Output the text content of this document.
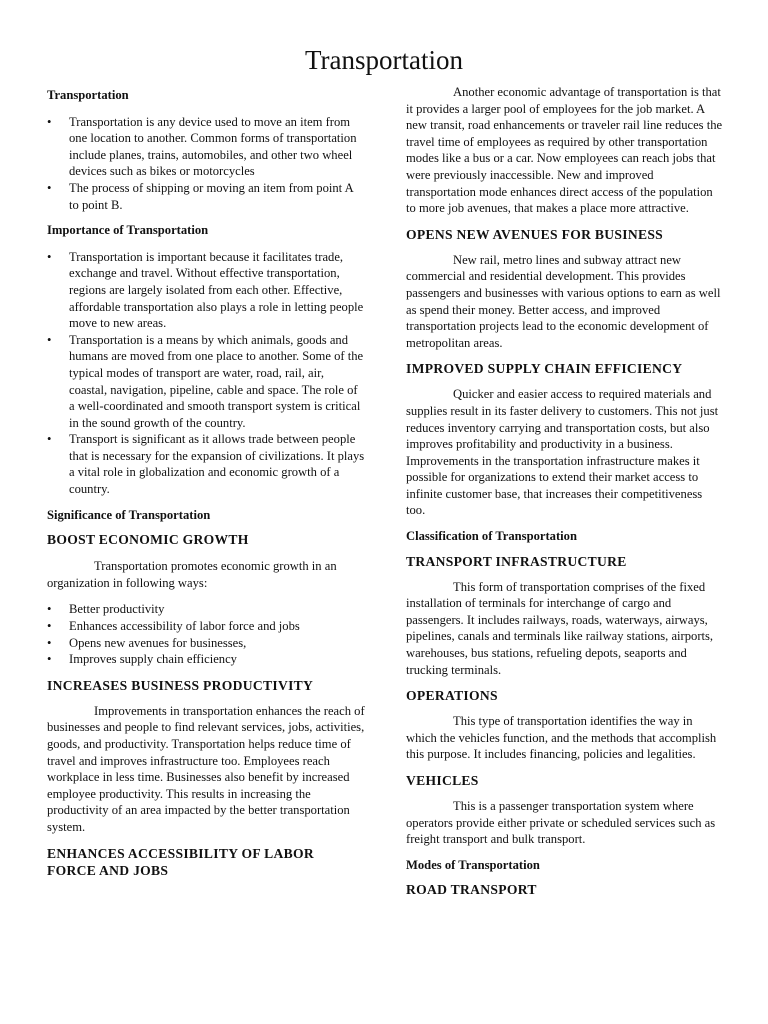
Transportation
Transportation
• Transportation is any device used to move an item from one location to another. Common forms of transportation include planes, trains, automobiles, and other two wheel devices such as bikes or motorcycles
• The process of shipping or moving an item from point A to point B.
Importance of Transportation
• Transportation is important because it facilitates trade, exchange and travel. Without effective transportation, regions are largely isolated from each other. Effective, affordable transportation also plays a role in letting people move to new areas.
• Transportation is a means by which animals, goods and humans are moved from one place to another. Some of the typical modes of transport are water, road, rail, air, coastal, navigation, pipeline, cable and space. The role of a well-coordinated and smooth transport system is critical in the sound growth of the country.
• Transport is significant as it allows trade between people that is necessary for the expansion of civilizations. It plays a vital role in globalization and economic growth of a country.
Significance of Transportation
BOOST ECONOMIC GROWTH

Transportation promotes economic growth in an organization in following ways:

• Better productivity
• Enhances accessibility of labor force and jobs
• Opens new avenues for businesses,
• Improves supply chain efficiency
INCREASES BUSINESS PRODUCTIVITY

Improvements in transportation enhances the reach of businesses and people to find relevant services, jobs, activities, goods, and productivity. Transportation helps reduce time of travel and improves infrastructure too. Employees reach workplace in less time. Businesses also benefit by increased employee productivity. This results in increasing the productivity of an area impacted by the better transportation system.

ENHANCES ACCESSIBILITY OF LABOR FORCE AND JOBS

Another economic advantage of transportation is that it provides a larger pool of employees for the job market. A new transit, road enhancements or traveler rail line reduces the travel time of employees as required by other transportation modes like a bus or a car. Now employees can reach jobs that were previously inaccessible. New and improved transportation mode enhances direct access of the population to more job avenues, that makes a place more attractive.

OPENS NEW AVENUES FOR BUSINESS

New rail, metro lines and subway attract new commercial and residential development. This provides passengers and businesses with various options to earn as well as spend their money. Better access, and improved transportation projects lead to the economic development of metropolitan areas.

IMPROVED SUPPLY CHAIN EFFICIENCY

Quicker and easier access to required materials and supplies result in its faster delivery to customers. This not just reduces inventory carrying and transportation costs, but also improves profitability and productivity in a business. Improvements in the transportation infrastructure makes it possible for organizations to extend their market access to infinite customer base, that increases their competitiveness too.

Classification of Transportation
TRANSPORT INFRASTRUCTURE

This form of transportation comprises of the fixed installation of terminals for interchange of cargo and passengers. It includes railways, roads, waterways, airways, pipelines, canals and terminals like railway stations, airports, warehouses, bus stations, refueling depots, seaports and trucking terminals.

OPERATIONS

This type of transportation identifies the way in which the vehicles function, and the methods that accomplish this purpose. It includes financing, policies and legalities.

VEHICLES

This is a passenger transportation system where operators provide either private or scheduled services such as freight transport and bulk transport.

Modes of Transportation
ROAD TRANSPORT
